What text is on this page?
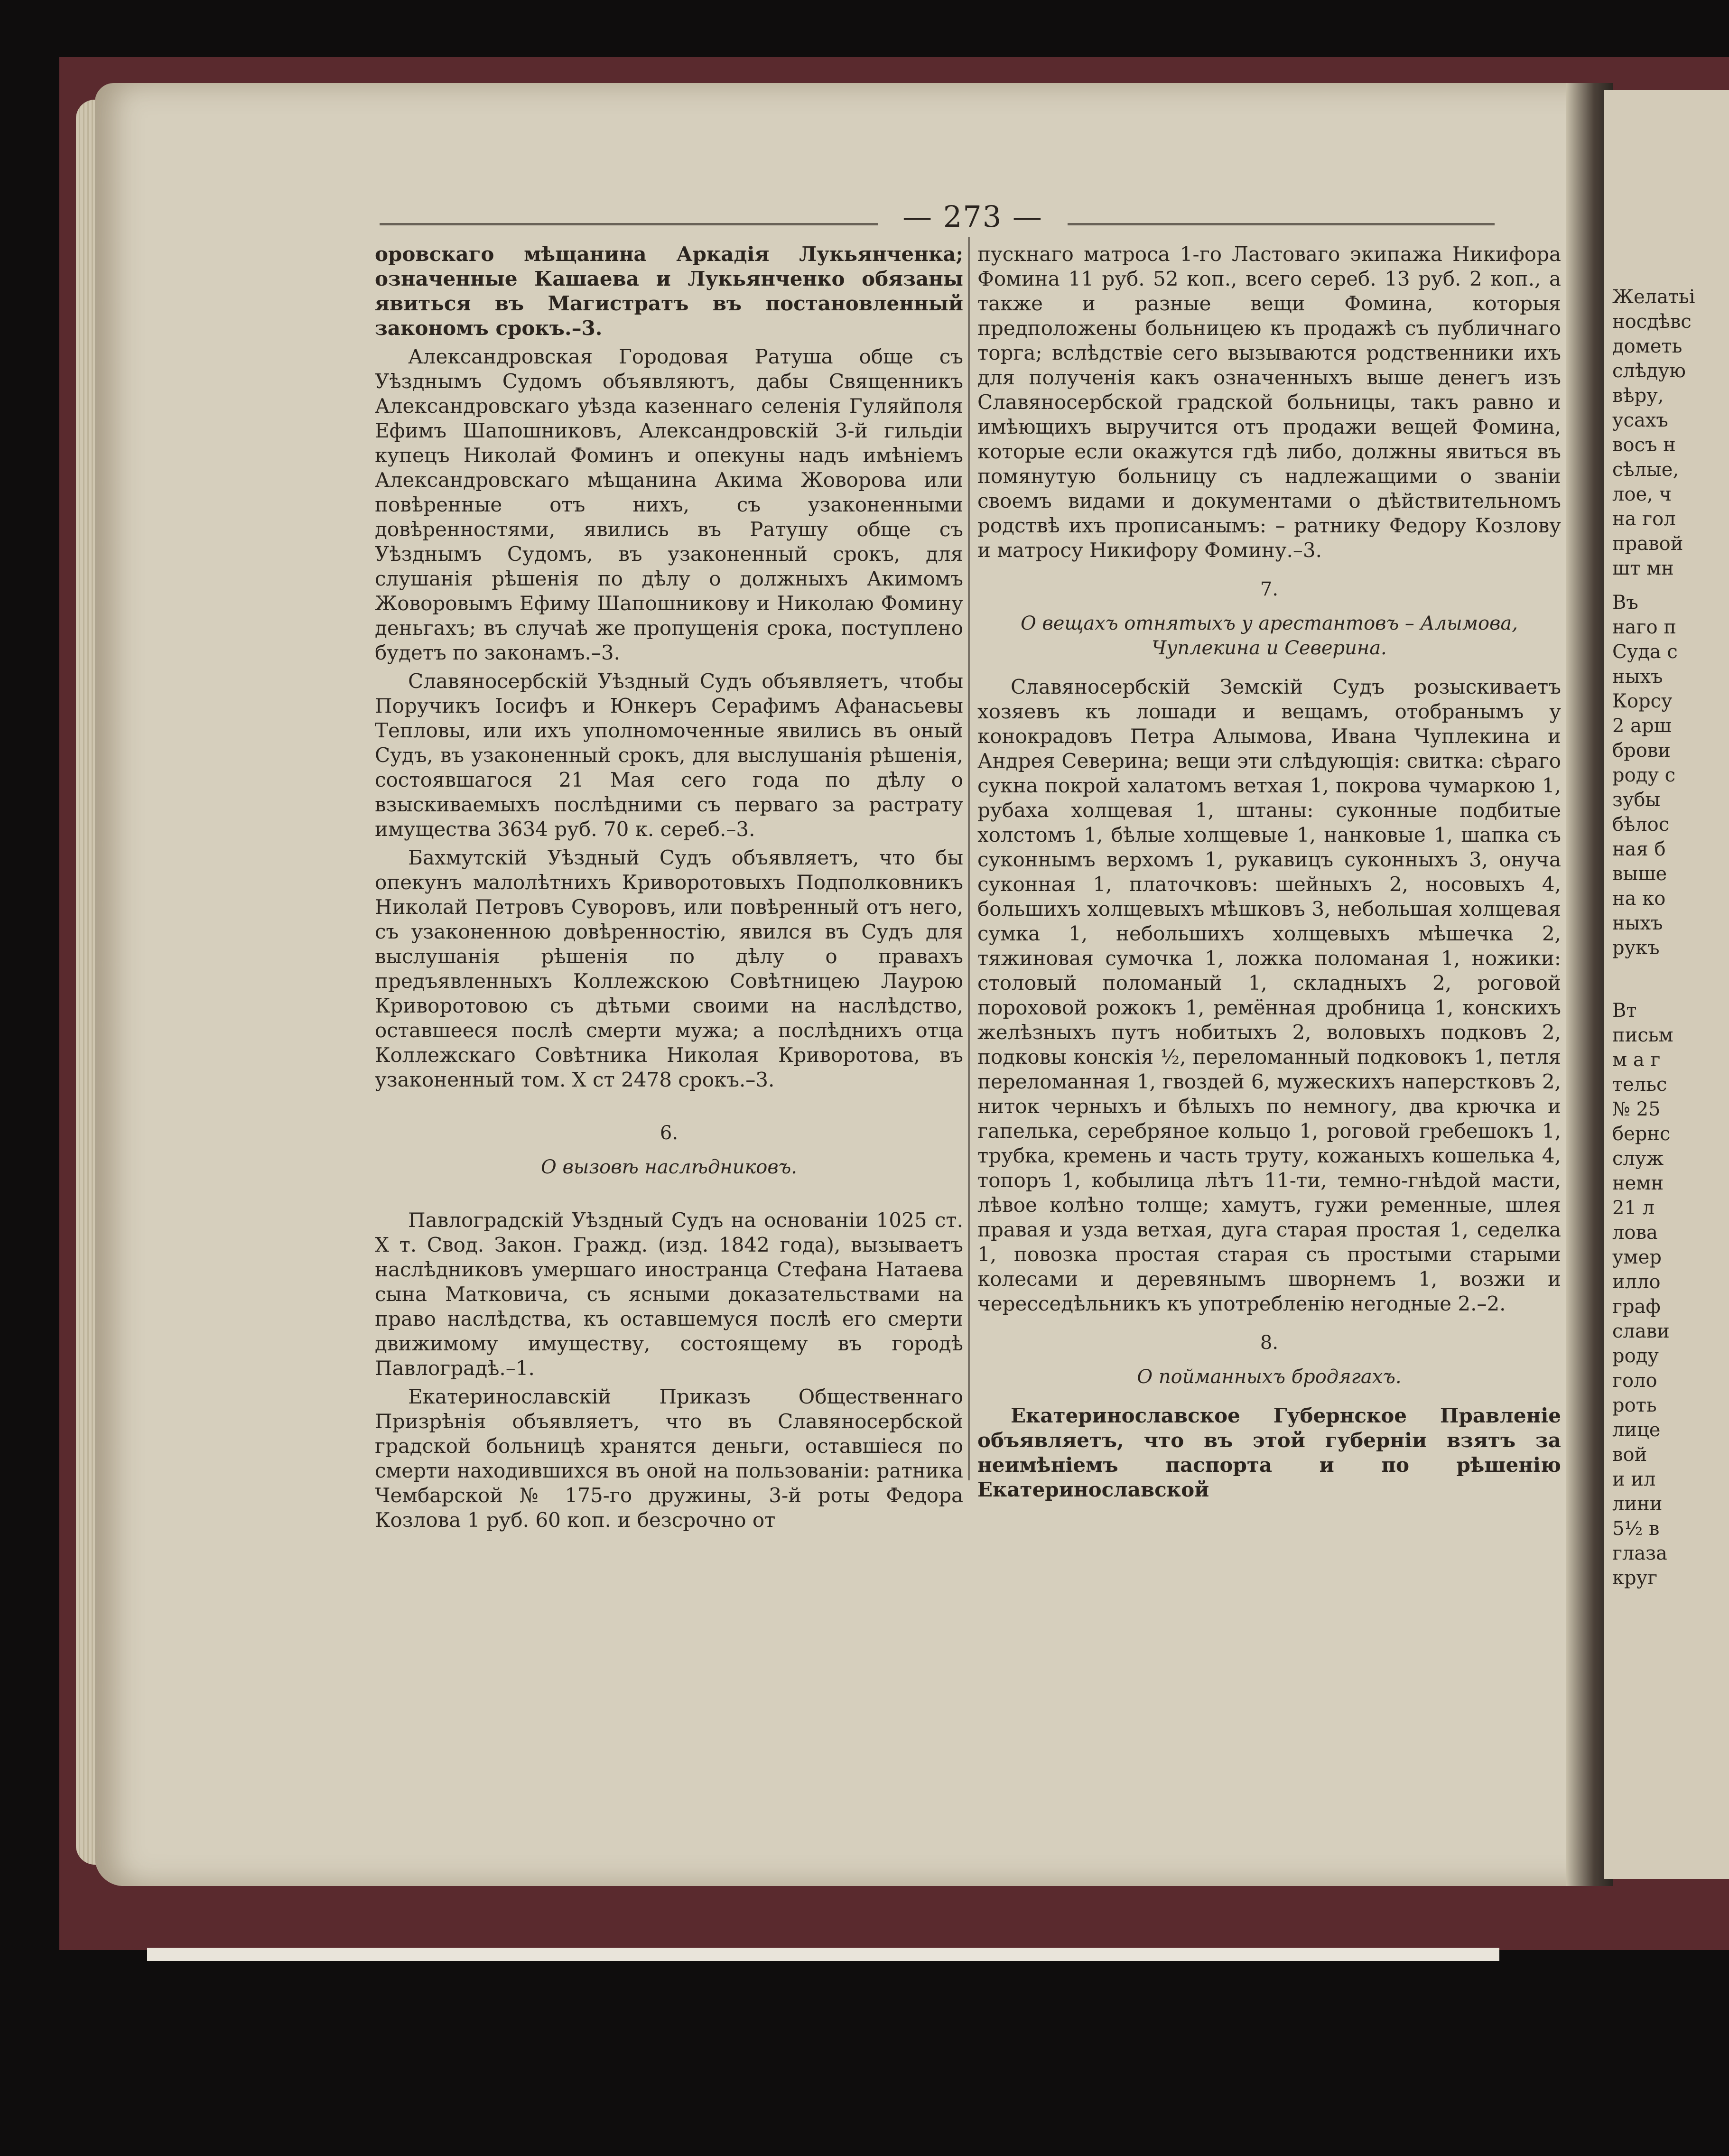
— 273 —

оровскаго мѣщанина Аркадія Лукьянченка; означенные Кашаева и Лукьянченко обязаны явиться въ Магистратъ въ постановленный закономъ срокъ.–3.

Александровская Городовая Ратуша обще съ Уѣзднымъ Судомъ объявляютъ, дабы Священникъ Александровскаго уѣзда казеннаго селенія Гуляйполя Ефимъ Шапошниковъ, Александровскій 3-й гильдіи купецъ Николай Фоминъ и опекуны надъ имѣніемъ Александровскаго мѣщанина Акима Жоворова или повѣренные отъ нихъ, съ узаконенными довѣренностями, явились въ Ратушу обще съ Уѣзднымъ Судомъ, въ узаконенный срокъ, для слушанія рѣшенія по дѣлу о должныхъ Акимомъ Жоворовымъ Ефиму Шапошникову и Николаю Фомину деньгахъ; въ случаѣ же пропущенія срока, поступлено будетъ по законамъ.–3.

Славяносербскій Уѣздный Судъ объявляетъ, чтобы Поручикъ Іосифъ и Юнкеръ Серафимъ Афанасьевы Тепловы, или ихъ уполномоченные явились въ оный Судъ, въ узаконенный срокъ, для выслушанія рѣшенія, состоявшагося 21 Мая сего года по дѣлу о взыскиваемыхъ послѣдними съ перваго за растрату имущества 3634 руб. 70 к. сереб.–3.

Бахмутскій Уѣздный Судъ объявляетъ, что бы опекунъ малолѣтнихъ Криворотовыхъ Подполковникъ Николай Петровъ Суворовъ, или повѣренный отъ него, съ узаконенною довѣренностію, явился въ Судъ для выслушанія рѣшенія по дѣлу о правахъ предъявленныхъ Коллежскою Совѣтницею Лаурою Криворотовою съ дѣтьми своими на наслѣдство, оставшееся послѣ смерти мужа; а послѣднихъ отца Коллежскаго Совѣтника Николая Криворотова, въ узаконенный том. X ст 2478 срокъ.–3.

6.
О вызовѣ наслѣдниковъ.

Павлоградскій Уѣздный Судъ на основаніи 1025 ст. X т. Свод. Закон. Гражд. (изд. 1842 года), вызываетъ наслѣдниковъ умершаго иностранца Стефана Натаева сына Матковича, съ ясными доказательствами на право наслѣдства, къ оставшемуся послѣ его смерти движимому имуществу, состоящему въ городѣ Павлоградѣ.–1.

Екатеринославскій Приказъ Общественнаго Призрѣнія объявляетъ, что въ Славяносербской градской больницѣ хранятся деньги, оставшіеся по смерти находившихся въ оной на пользованіи: ратника Чембарской № 175-го дружины, 3-й роты Федора Козлова 1 руб. 60 коп. и безсрочно от

пускнаго матроса 1-го Ластоваго экипажа Никифора Фомина 11 руб. 52 коп., всего сереб. 13 руб. 2 коп., а также и разные вещи Фомина, которыя предположены больницею къ продажѣ съ публичнаго торга; вслѣдствіе сего вызываются родственники ихъ для полученія какъ означенныхъ выше денегъ изъ Славяносербской градской больницы, такъ равно и имѣющихъ выручится отъ продажи вещей Фомина, которые если окажутся гдѣ либо, должны явиться въ помянутую больницу съ надлежащими о званіи своемъ видами и документами о дѣйствительномъ родствѣ ихъ прописанымъ: – ратнику Федору Козлову и матросу Никифору Фомину.–3.

7.
О вещахъ отнятыхъ у арестантовъ – Алымова, Чуплекина и Северина.

Славяносербскій Земскій Судъ розыскиваетъ хозяевъ къ лошади и вещамъ, отобранымъ у конокрадовъ Петра Алымова, Ивана Чуплекина и Андрея Северина; вещи эти слѣдующія: свитка: сѣраго сукна покрой халатомъ ветхая 1, покрова чумаркою 1, рубаха холщевая 1, штаны: суконные подбитые холстомъ 1, бѣлые холщевые 1, нанковые 1, шапка съ суконнымъ верхомъ 1, рукавицъ суконныхъ 3, онуча суконная 1, платочковъ: шейныхъ 2, носовыхъ 4, большихъ холщевыхъ мѣшковъ 3, небольшая холщевая сумка 1, небольшихъ холщевыхъ мѣшечка 2, тяжиновая сумочка 1, ложка поломаная 1, ножики: столовый поломаный 1, складныхъ 2, роговой пороховой рожокъ 1, ремённая дробница 1, конскихъ желѣзныхъ путъ нобитыхъ 2, воловыхъ подковъ 2, подковы конскія ½, переломанный подковокъ 1, петля переломанная 1, гвоздей 6, мужескихъ наперстковъ 2, ниток черныхъ и бѣлыхъ по немногу, два крючка и гапелька, серебряное кольцо 1, роговой гребешокъ 1, трубка, кремень и часть труту, кожаныхъ кошелька 4, топоръ 1, кобылица лѣтъ 11-ти, темно-гнѣдой масти, лѣвое колѣно толще; хамутъ, гужи ременные, шлея правая и узда ветхая, дуга старая простая 1, седелка 1, повозка простая старая съ простыми старыми колесами и деревянымъ шворнемъ 1, возжи и чересседѣльникъ къ употребленію негодные 2.–2.

8.
О пойманныхъ бродягахъ.

Екатеринославское Губернское Правленіе объявляетъ, что въ этой губерніи взятъ за неимѣніемъ паспорта и по рѣшенію Екатеринославской

Желатьі

носдѣвс

дометь

слѣдую

вѣру,

усахъ

восъ н

сѣлые,

лое, ч

на гол

правой

шт мн

Въ

наго п

Суда с

ныхъ

Корсу

2 арш

брови

роду с

зубы

бѣлос

ная б

выше

на ко

ныхъ

рукъ

Вт

письм

м а г

тельс

№ 25

бернс

служ

немн

21 л

лова

умер

илло

граф

слави

роду

голо

роть

лице

вой

и ил

лини

5½ в

глаза

круг
